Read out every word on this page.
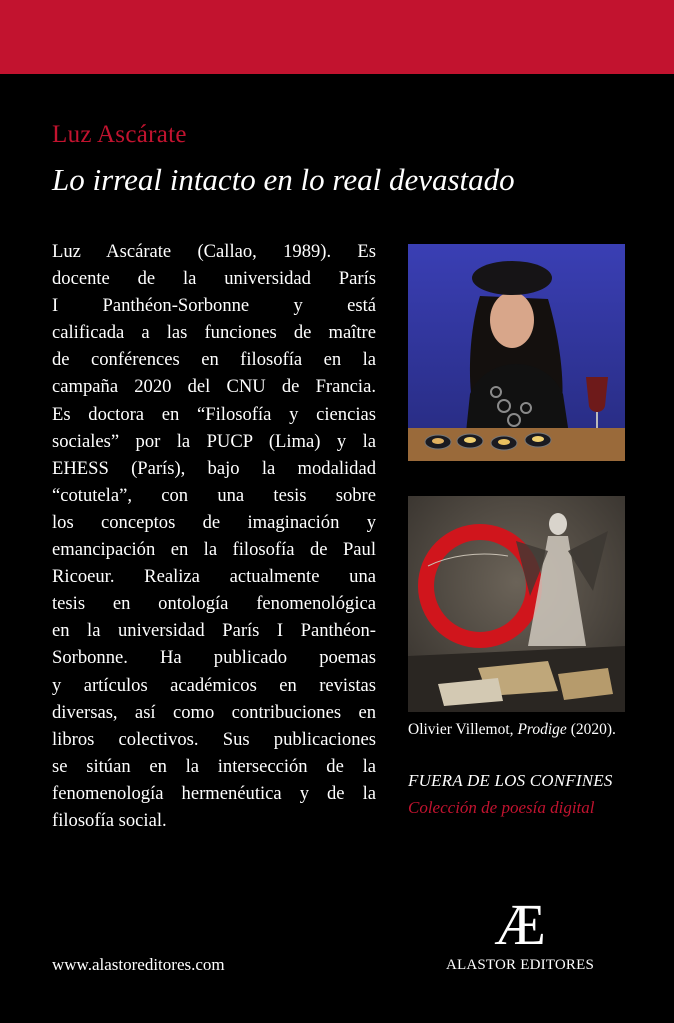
Luz Ascárate
Lo irreal intacto en lo real devastado
Luz Ascárate (Callao, 1989). Es
docente de la universidad París
I Panthéon-Sorbonne y está
calificada a las funciones de maître
de conférences en filosofía en la
campaña 2020 del CNU de Francia.
Es doctora en “Filosofía y ciencias
sociales” por la PUCP (Lima) y la
EHESS (París), bajo la modalidad
“cotutela”, con una tesis sobre
los conceptos de imaginación y
emancipación en la filosofía de Paul
Ricoeur. Realiza actualmente una
tesis en ontología fenomenológica
en la universidad París I Panthéon-
Sorbonne. Ha publicado poemas
y artículos académicos en revistas
diversas, así como contribuciones en
libros colectivos. Sus publicaciones
se sitúan en la intersección de la
fenomenología hermenéutica y de la
filosofía social.
Olivier Villemot, Prodige (2020).
FUERA DE LOS CONFINES
Colección de poesía digital
www.alastoreditores.com
Æ
ALASTOR EDITORES
